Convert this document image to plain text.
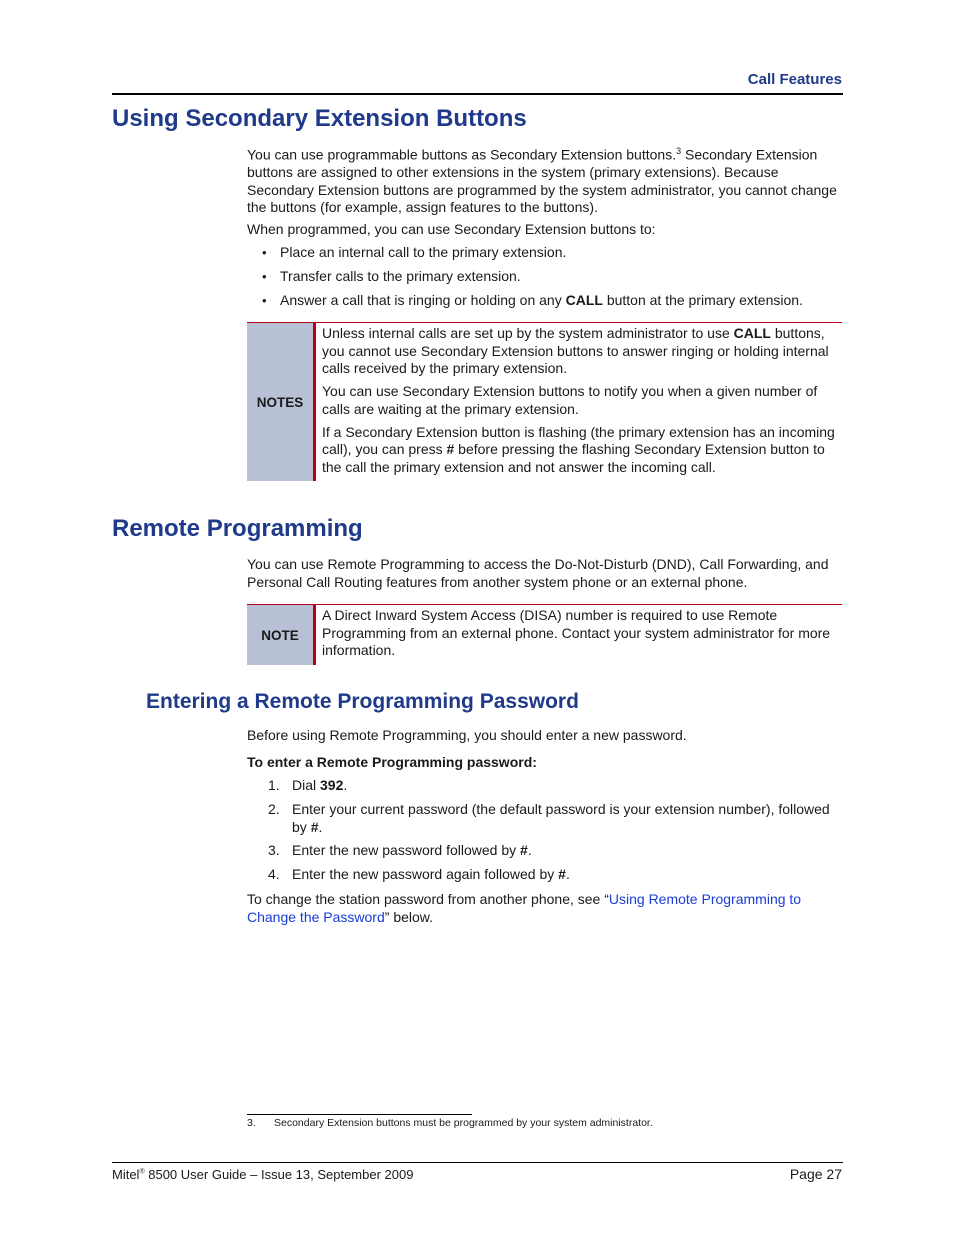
Call Features
Using Secondary Extension Buttons

You can use programmable buttons as Secondary Extension buttons.$^3$ Secondary Extension buttons are assigned to other extensions in the system (primary extensions). Because Secondary Extension buttons are programmed by the system administrator, you cannot change the buttons (for example, assign features to the buttons).

When programmed, you can use Secondary Extension buttons to:
• Place an internal call to the primary extension.
• Transfer calls to the primary extension.
• Answer a call that is ringing or holding on any CALL button at the primary extension.
NOTES

Unless internal calls are set up by the system administrator to use CALL buttons, you cannot use Secondary Extension buttons to answer ringing or holding internal calls received by the primary extension.

You can use Secondary Extension buttons to notify you when a given number of calls are waiting at the primary extension.

If a Secondary Extension button is flashing (the primary extension has an incoming call), you can press # before pressing the flashing Secondary Extension button to the call the primary extension and not answer the incoming call.

Remote Programming
You can use Remote Programming to access the Do-Not-Disturb (DND), Call Forwarding, and Personal Call Routing features from another system phone or an external phone.
NOTE
A Direct Inward System Access (DISA) number is required to use Remote Programming from an external phone. Contact your system administrator for more information.
Entering a Remote Programming Password
Before using Remote Programming, you should enter a new password.
To enter a Remote Programming password:
1. Dial 392.
2. Enter your current password (the default password is your extension number), followed by #.
3. Enter the new password followed by #.
4. Enter the new password again followed by #.

To change the station password from another phone, see “Using Remote Programming to Change the Password” below.

3. Secondary Extension buttons must be programmed by your system administrator.
Mitel® 8500 User Guide – Issue 13, September 2009	Page 27
